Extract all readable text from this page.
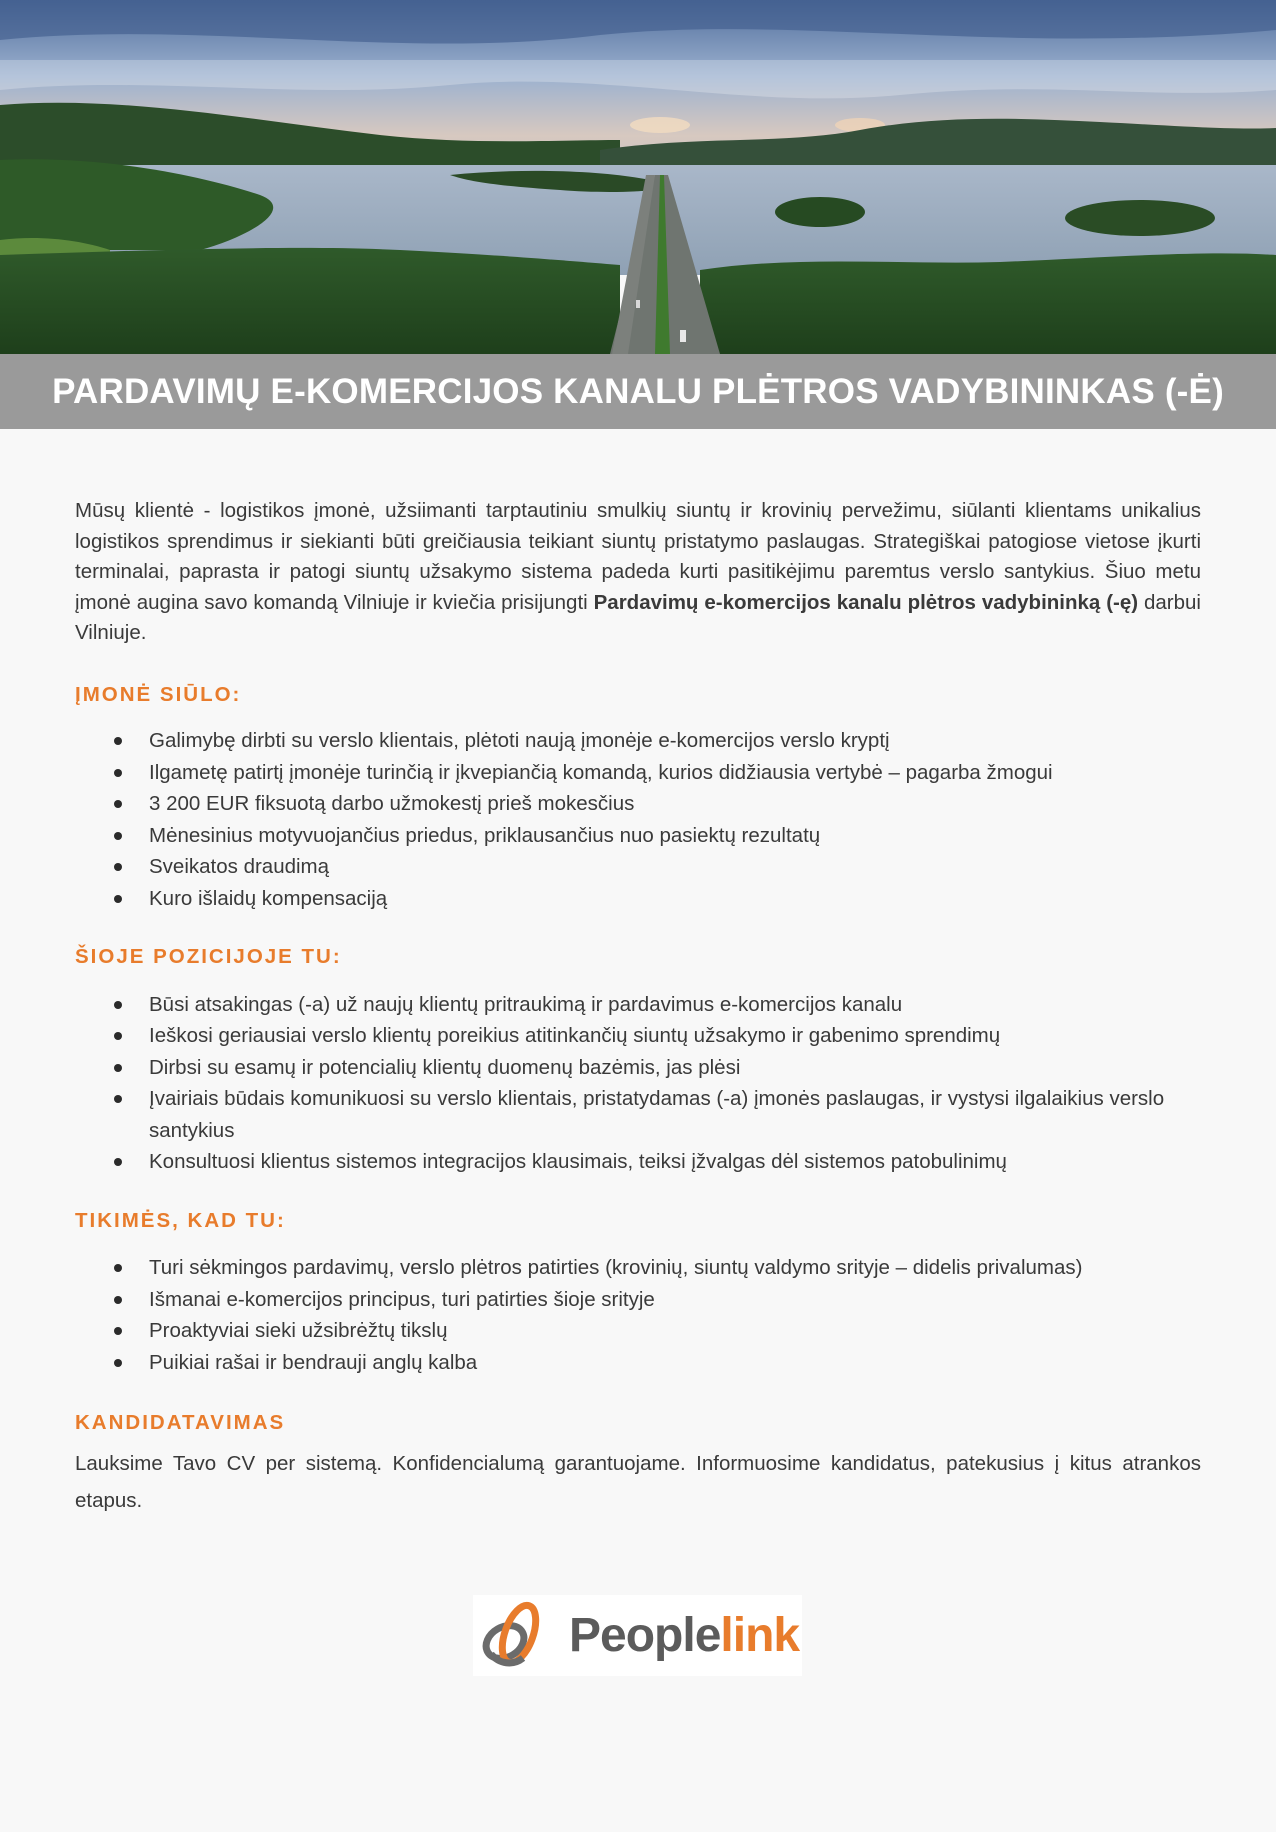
PARDAVIMŲ E-KOMERCIJOS KANALU PLĖTROS VADYBININKAS (-Ė)

Mūsų klientė - logistikos įmonė, užsiimanti tarptautiniu smulkių siuntų ir krovinių pervežimu, siūlanti klientams unikalius logistikos sprendimus ir siekianti būti greičiausia teikiant siuntų pristatymo paslaugas. Strategiškai patogiose vietose įkurti terminalai, paprasta ir patogi siuntų užsakymo sistema padeda kurti pasitikėjimu paremtus verslo santykius. Šiuo metu įmonė augina savo komandą Vilniuje ir kviečia prisijungti Pardavimų e-komercijos kanalu plėtros vadybininką (-ę) darbui Vilniuje.

ĮMONĖ SIŪLO:
Galimybę dirbti su verslo klientais, plėtoti naują įmonėje e-komercijos verslo kryptį
Ilgametę patirtį įmonėje turinčią ir įkvepiančią komandą, kurios didžiausia vertybė – pagarba žmogui
3 200 EUR fiksuotą darbo užmokestį prieš mokesčius
Mėnesinius motyvuojančius priedus, priklausančius nuo pasiektų rezultatų
Sveikatos draudimą
Kuro išlaidų kompensaciją
ŠIOJE POZICIJOJE TU:
Būsi atsakingas (-a) už naujų klientų pritraukimą ir pardavimus e-komercijos kanalu
Ieškosi geriausiai verslo klientų poreikius atitinkančių siuntų užsakymo ir gabenimo sprendimų
Dirbsi su esamų ir potencialių klientų duomenų bazėmis, jas plėsi
Įvairiais būdais komunikuosi su verslo klientais, pristatydamas (-a) įmonės paslaugas, ir vystysi ilgalaikius verslo santykius
Konsultuosi klientus sistemos integracijos klausimais, teiksi įžvalgas dėl sistemos patobulinimų
TIKIMĖS, KAD TU:
Turi sėkmingos pardavimų, verslo plėtros patirties (krovinių, siuntų valdymo srityje – didelis privalumas)
Išmanai e-komercijos principus, turi patirties šioje srityje
Proaktyviai sieki užsibrėžtų tikslų
Puikiai rašai ir bendrauji anglų kalba
KANDIDATAVIMAS

Lauksime Tavo CV per sistemą. Konfidencialumą garantuojame. Informuosime kandidatus, patekusius į kitus atrankos etapus.

Peoplelink
